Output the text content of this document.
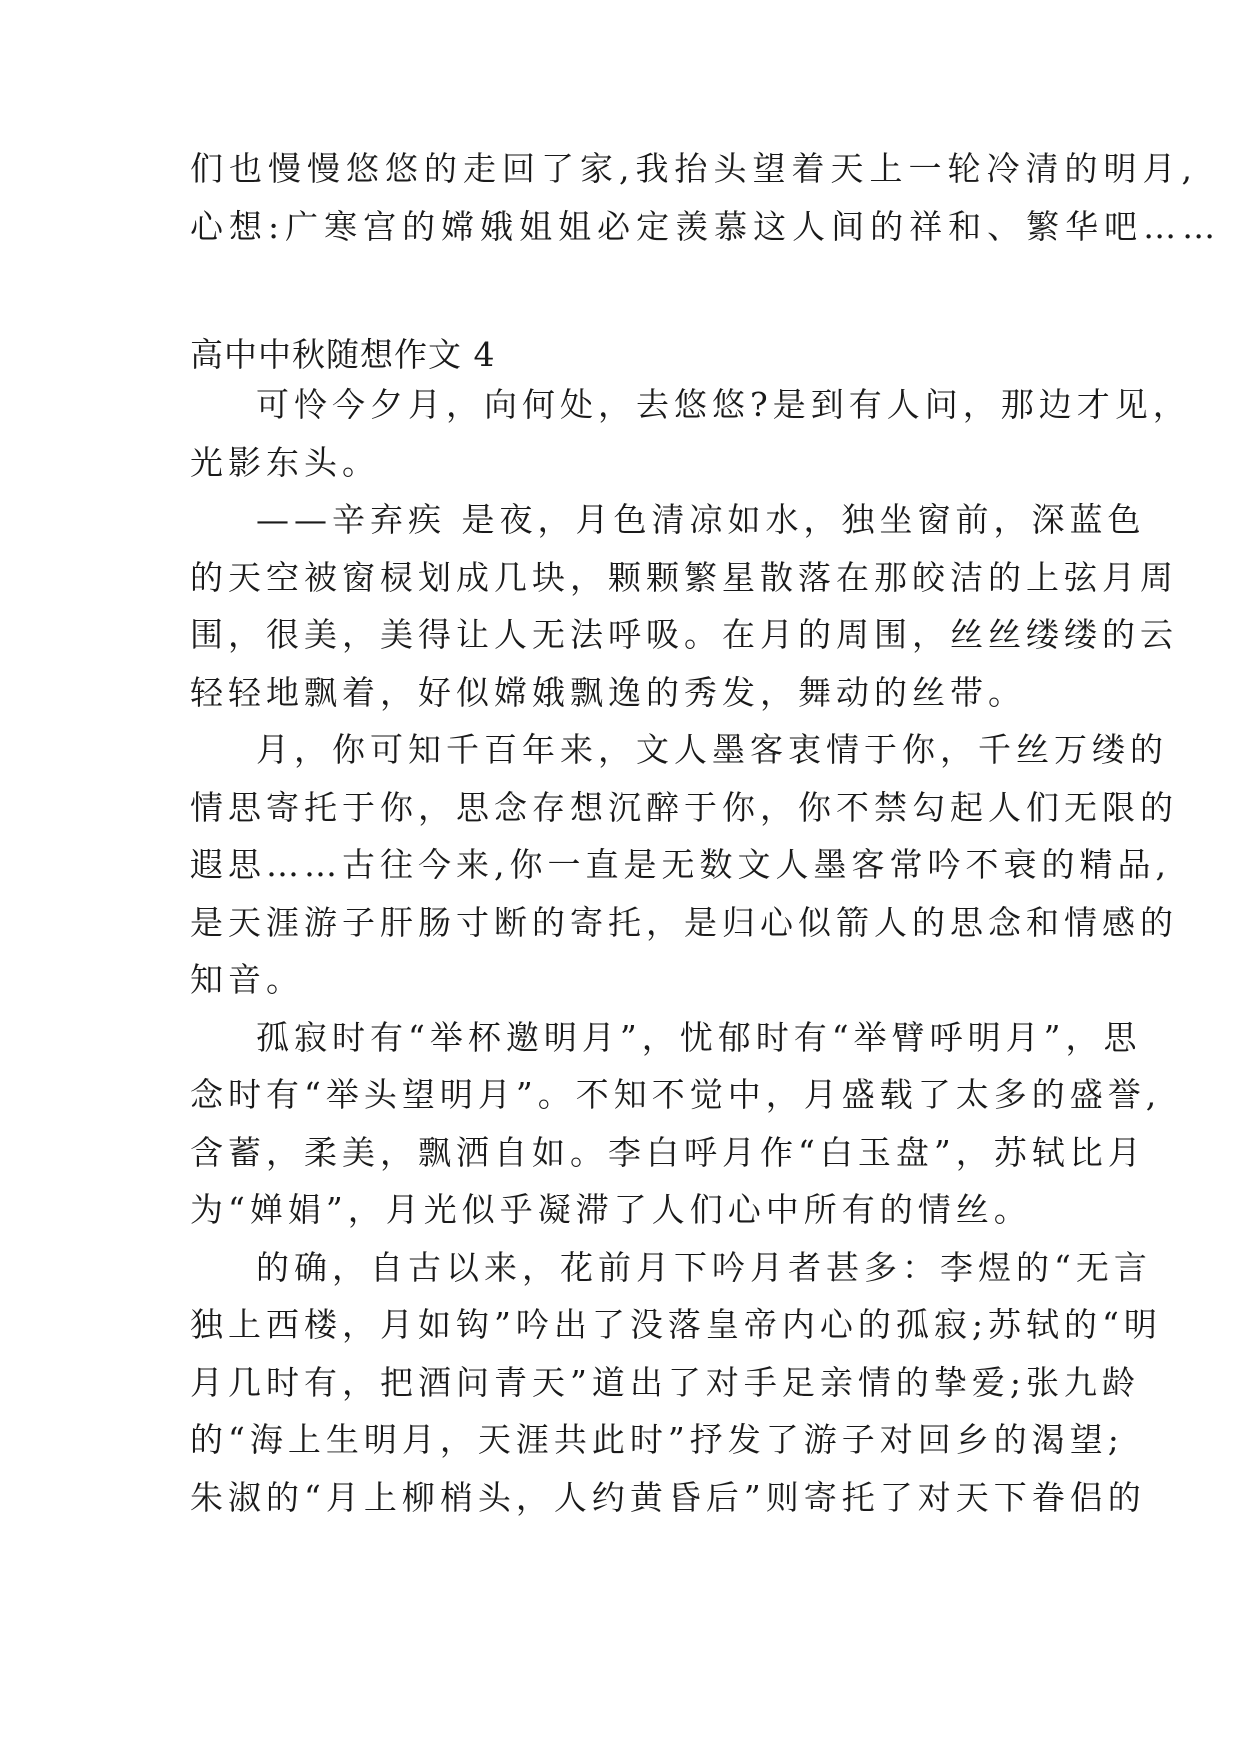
们也慢慢悠悠的走回了家,我抬头望着天上一轮冷清的明月,
心想:广寒宫的嫦娥姐姐必定羡慕这人间的祥和、繁华吧……
高中中秋随想作文 4
可怜今夕月，向何处，去悠悠?是到有人问，那边才见，
光影东头。
——辛弃疾 是夜，月色清凉如水，独坐窗前，深蓝色
的天空被窗棂划成几块，颗颗繁星散落在那皎洁的上弦月周
围，很美，美得让人无法呼吸。在月的周围，丝丝缕缕的云
轻轻地飘着，好似嫦娥飘逸的秀发，舞动的丝带。
月，你可知千百年来，文人墨客衷情于你，千丝万缕的
情思寄托于你，思念存想沉醉于你，你不禁勾起人们无限的
遐思……古往今来,你一直是无数文人墨客常吟不衰的精品,
是天涯游子肝肠寸断的寄托，是归心似箭人的思念和情感的
知音。
孤寂时有“举杯邀明月”，忧郁时有“举臂呼明月”，思
念时有“举头望明月”。不知不觉中，月盛载了太多的盛誉,
含蓄，柔美，飘洒自如。李白呼月作“白玉盘”，苏轼比月
为“婵娟”，月光似乎凝滞了人们心中所有的情丝。
的确，自古以来，花前月下吟月者甚多：李煜的“无言
独上西楼，月如钩”吟出了没落皇帝内心的孤寂;苏轼的“明
月几时有，把酒问青天”道出了对手足亲情的挚爱;张九龄
的“海上生明月，天涯共此时”抒发了游子对回乡的渴望;
朱淑的“月上柳梢头，人约黄昏后”则寄托了对天下眷侣的
